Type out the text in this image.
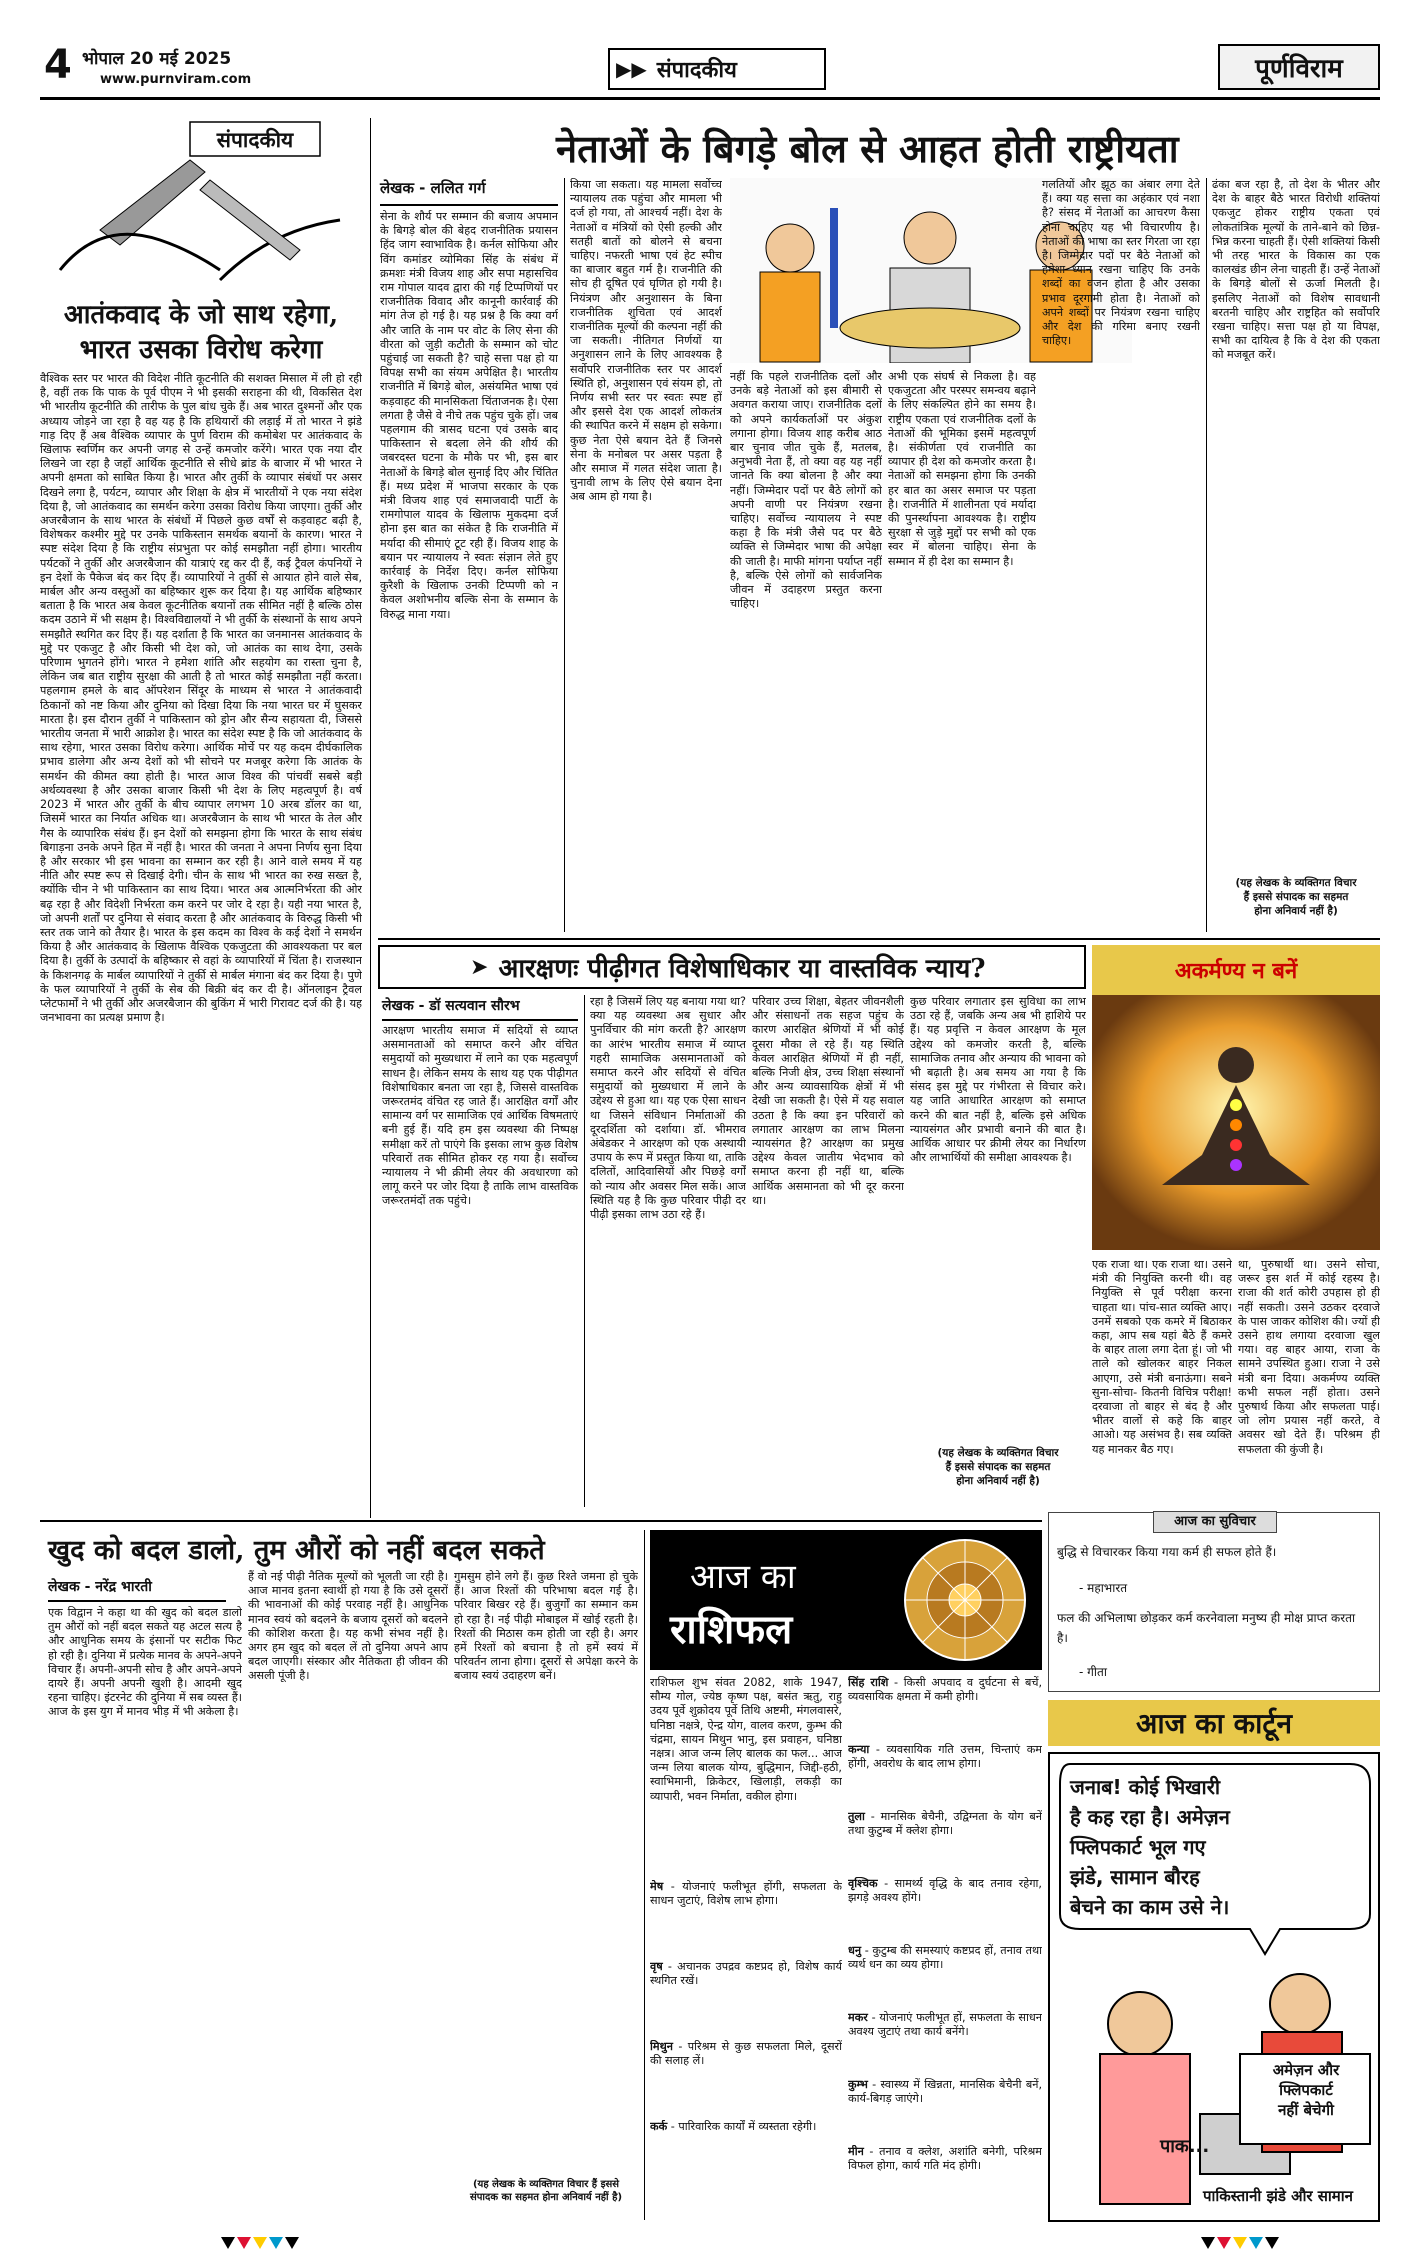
4 भोपाल 20 मई 2025
www.purnviram.com	▶▶ संपादकीय	पूर्णविराम
संपादकीय
आतंकवाद के जो साथ रहेगा,
भारत उसका विरोध करेगा
वैश्विक स्तर पर भारत की विदेश नीति कूटनीति की सशक्त मिसाल में ली हो रही है, वहीं तक कि पाक के पूर्व पीएम ने भी इसकी सराहना की थी, विकसित देश भी भारतीय कूटनीति की तारीफ के पुल बांध चुके हैं। अब भारत दुश्मनों और एक अध्याय जोड़ने जा रहा है वह यह है कि हथियारों की लड़ाई में तो भारत ने झंडे गाड़ दिए हैं अब वैश्विक व्यापार के पुर्ण विराम की कमोबेश पर आतंकवाद के खिलाफ स्वर्णिम कर अपनी जगह से उन्हें कमजोर करेंगे। भारत एक नया दौर लिखने जा रहा है जहाँ आर्थिक कूटनीति से सीधे ब्रांड के बाजार में भी भारत ने अपनी क्षमता को साबित किया है। भारत और तुर्की के व्यापार संबंधों पर असर दिखने लगा है, पर्यटन, व्यापार और शिक्षा के क्षेत्र में भारतीयों ने एक नया संदेश दिया है, जो आतंकवाद का समर्थन करेगा उसका विरोध किया जाएगा। तुर्की और अजरबैजान के साथ भारत के संबंधों में पिछले कुछ वर्षों से कड़वाहट बढ़ी है, विशेषकर कश्मीर मुद्दे पर उनके पाकिस्तान समर्थक बयानों के कारण। भारत ने स्पष्ट संदेश दिया है कि राष्ट्रीय संप्रभुता पर कोई समझौता नहीं होगा। भारतीय पर्यटकों ने तुर्की और अजरबैजान की यात्राएं रद्द कर दी हैं, कई ट्रैवल कंपनियों ने इन देशों के पैकेज बंद कर दिए हैं। व्यापारियों ने तुर्की से आयात होने वाले सेब, मार्बल और अन्य वस्तुओं का बहिष्कार शुरू कर दिया है। यह आर्थिक बहिष्कार बताता है कि भारत अब केवल कूटनीतिक बयानों तक सीमित नहीं है बल्कि ठोस कदम उठाने में भी सक्षम है। विश्वविद्यालयों ने भी तुर्की के संस्थानों के साथ अपने समझौते स्थगित कर दिए हैं। यह दर्शाता है कि भारत का जनमानस आतंकवाद के मुद्दे पर एकजुट है और किसी भी देश को, जो आतंक का साथ देगा, उसके परिणाम भुगतने होंगे। भारत ने हमेशा शांति और सहयोग का रास्ता चुना है, लेकिन जब बात राष्ट्रीय सुरक्षा की आती है तो भारत कोई समझौता नहीं करता। पहलगाम हमले के बाद ऑपरेशन सिंदूर के माध्यम से भारत ने आतंकवादी ठिकानों को नष्ट किया और दुनिया को दिखा दिया कि नया भारत घर में घुसकर मारता है। इस दौरान तुर्की ने पाकिस्तान को ड्रोन और सैन्य सहायता दी, जिससे भारतीय जनता में भारी आक्रोश है। भारत का संदेश स्पष्ट है कि जो आतंकवाद के साथ रहेगा, भारत उसका विरोध करेगा। आर्थिक मोर्चे पर यह कदम दीर्घकालिक प्रभाव डालेगा और अन्य देशों को भी सोचने पर मजबूर करेगा कि आतंक के समर्थन की कीमत क्या होती है। भारत आज विश्व की पांचवीं सबसे बड़ी अर्थव्यवस्था है और उसका बाजार किसी भी देश के लिए महत्वपूर्ण है। वर्ष 2023 में भारत और तुर्की के बीच व्यापार लगभग 10 अरब डॉलर का था, जिसमें भारत का निर्यात अधिक था। अजरबैजान के साथ भी भारत के तेल और गैस के व्यापारिक संबंध हैं। इन देशों को समझना होगा कि भारत के साथ संबंध बिगाड़ना उनके अपने हित में नहीं है। भारत की जनता ने अपना निर्णय सुना दिया है और सरकार भी इस भावना का सम्मान कर रही है। आने वाले समय में यह नीति और स्पष्ट रूप से दिखाई देगी। चीन के साथ भी भारत का रुख सख्त है, क्योंकि चीन ने भी पाकिस्तान का साथ दिया। भारत अब आत्मनिर्भरता की ओर बढ़ रहा है और विदेशी निर्भरता कम करने पर जोर दे रहा है। यही नया भारत है, जो अपनी शर्तों पर दुनिया से संवाद करता है और आतंकवाद के विरुद्ध किसी भी स्तर तक जाने को तैयार है। भारत के इस कदम का विश्व के कई देशों ने समर्थन किया है और आतंकवाद के खिलाफ वैश्विक एकजुटता की आवश्यकता पर बल दिया है। तुर्की के उत्पादों के बहिष्कार से वहां के व्यापारियों में चिंता है। राजस्थान के किशनगढ़ के मार्बल व्यापारियों ने तुर्की से मार्बल मंगाना बंद कर दिया है। पुणे के फल व्यापारियों ने तुर्की के सेब की बिक्री बंद कर दी है। ऑनलाइन ट्रैवल प्लेटफार्मों ने भी तुर्की और अजरबैजान की बुकिंग में भारी गिरावट दर्ज की है। यह जनभावना का प्रत्यक्ष प्रमाण है।
नेताओं के बिगड़े बोल से आहत होती राष्ट्रीयता
लेखक - ललित गर्ग
सेना के शौर्य पर सम्मान की बजाय अपमान के बिगड़े बोल की बेहद राजनीतिक प्रयासन हिंद जाग स्वाभाविक है। कर्नल सोफिया और विंग कमांडर व्योमिका सिंह के संबंध में क्रमशः मंत्री विजय शाह और सपा महासचिव राम गोपाल यादव द्वारा की गई टिप्पणियों पर राजनीतिक विवाद और कानूनी कार्रवाई की मांग तेज हो गई है। यह प्रश्न है कि क्या वर्ग और जाति के नाम पर वोट के लिए सेना की वीरता को जुड़ी कटौती के सम्मान को चोट पहुंचाई जा सकती है? चाहे सत्ता पक्ष हो या विपक्ष सभी का संयम अपेक्षित है। भारतीय राजनीति में बिगड़े बोल, असंयमित भाषा एवं कड़वाहट की मानसिकता चिंताजनक है। ऐसा लगता है जैसे वे नीचे तक पहुंच चुके हों। जब पहलगाम की त्रासद घटना एवं उसके बाद पाकिस्तान से बदला लेने की शौर्य की जबरदस्त घटना के मौके पर भी, इस बार नेताओं के बिगड़े बोल सुनाई दिए और चिंतित हैं। मध्य प्रदेश में भाजपा सरकार के एक मंत्री विजय शाह एवं समाजवादी पार्टी के रामगोपाल यादव के खिलाफ मुकदमा दर्ज होना इस बात का संकेत है कि राजनीति में मर्यादा की सीमाएं टूट रही हैं। विजय शाह के बयान पर न्यायालय ने स्वतः संज्ञान लेते हुए कार्रवाई के निर्देश दिए। कर्नल सोफिया कुरैशी के खिलाफ उनकी टिप्पणी को न केवल अशोभनीय बल्कि सेना के सम्मान के विरुद्ध माना गया।
किया जा सकता। यह मामला सर्वोच्च न्यायालय तक पहुंचा और मामला भी दर्ज हो गया, तो आश्चर्य नहीं। देश के नेताओं व मंत्रियों को ऐसी हल्की और सतही बातों को बोलने से बचना चाहिए। नफरती भाषा एवं हेट स्पीच का बाजार बहुत गर्म है। राजनीति की सोच ही दूषित एवं घृणित हो गयी है। नियंत्रण और अनुशासन के बिना राजनीतिक शुचिता एवं आदर्श राजनीतिक मूल्यों की कल्पना नहीं की जा सकती। नीतिगत निर्णयों या अनुशासन लाने के लिए आवश्यक है सर्वोपरि राजनीतिक स्तर पर आदर्श स्थिति हो, अनुशासन एवं संयम हो, तो निर्णय सभी स्तर पर स्वतः स्पष्ट हों और इससे देश एक आदर्श लोकतंत्र की स्थापित करने में सक्षम हो सकेगा। कुछ नेता ऐसे बयान देते हैं जिनसे सेना के मनोबल पर असर पड़ता है और समाज में गलत संदेश जाता है। चुनावी लाभ के लिए ऐसे बयान देना अब आम हो गया है।
नहीं कि पहले राजनीतिक दलों और उनके बड़े नेताओं को इस बीमारी से अवगत कराया जाए। राजनीतिक दलों को अपने कार्यकर्ताओं पर अंकुश लगाना होगा। विजय शाह करीब आठ बार चुनाव जीत चुके हैं, मतलब, अनुभवी नेता हैं, तो क्या वह यह नहीं जानते कि क्या बोलना है और क्या नहीं। जिम्मेदार पदों पर बैठे लोगों को अपनी वाणी पर नियंत्रण रखना चाहिए। सर्वोच्च न्यायालय ने स्पष्ट कहा है कि मंत्री जैसे पद पर बैठे व्यक्ति से जिम्मेदार भाषा की अपेक्षा की जाती है। माफी मांगना पर्याप्त नहीं है, बल्कि ऐसे लोगों को सार्वजनिक जीवन में उदाहरण प्रस्तुत करना चाहिए।
अभी एक संघर्ष से निकला है। वह एकजुटता और परस्पर समन्वय बढ़ाने के लिए संकल्पित होने का समय है। राष्ट्रीय एकता एवं राजनीतिक दलों के नेताओं की भूमिका इसमें महत्वपूर्ण है। संकीर्णता एवं राजनीति का व्यापार ही देश को कमजोर करता है। नेताओं को समझना होगा कि उनकी हर बात का असर समाज पर पड़ता है। राजनीति में शालीनता एवं मर्यादा की पुनर्स्थापना आवश्यक है। राष्ट्रीय सुरक्षा से जुड़े मुद्दों पर सभी को एक स्वर में बोलना चाहिए। सेना के सम्मान में ही देश का सम्मान है।
गलतियों और झूठ का अंबार लगा देते हैं। क्या यह सत्ता का अहंकार एवं नशा है? संसद में नेताओं का आचरण कैसा होना चाहिए यह भी विचारणीय है। नेताओं की भाषा का स्तर गिरता जा रहा है। जिम्मेदार पदों पर बैठे नेताओं को हमेशा ध्यान रखना चाहिए कि उनके शब्दों का वजन होता है और उसका प्रभाव दूरगामी होता है। नेताओं को अपने शब्दों पर नियंत्रण रखना चाहिए और देश की गरिमा बनाए रखनी चाहिए।
ढंका बज रहा है, तो देश के भीतर और देश के बाहर बैठे भारत विरोधी शक्तियां एकजुट होकर राष्ट्रीय एकता एवं लोकतांत्रिक मूल्यों के ताने-बाने को छिन्न-भिन्न करना चाहती हैं। ऐसी शक्तियां किसी भी तरह भारत के विकास का एक कालखंड छीन लेना चाहती हैं। उन्हें नेताओं के बिगड़े बोलों से ऊर्जा मिलती है। इसलिए नेताओं को विशेष सावधानी बरतनी चाहिए और राष्ट्रहित को सर्वोपरि रखना चाहिए। सत्ता पक्ष हो या विपक्ष, सभी का दायित्व है कि वे देश की एकता को मजबूत करें।
(यह लेखक के व्यक्तिगत विचार
हैं इससे संपादक का सहमत
होना अनिवार्य नहीं है)
➤ आरक्षणः पीढ़ीगत विशेषाधिकार या वास्तविक न्याय?
लेखक - डॉ सत्यवान सौरभ
आरक्षण भारतीय समाज में सदियों से व्याप्त असमानताओं को समाप्त करने और वंचित समुदायों को मुख्यधारा में लाने का एक महत्वपूर्ण साधन है। लेकिन समय के साथ यह एक पीढ़ीगत विशेषाधिकार बनता जा रहा है, जिससे वास्तविक जरूरतमंद वंचित रह जाते हैं। आरक्षित वर्गों और सामान्य वर्ग पर सामाजिक एवं आर्थिक विषमताएं बनी हुई हैं। यदि हम इस व्यवस्था की निष्पक्ष समीक्षा करें तो पाएंगे कि इसका लाभ कुछ विशेष परिवारों तक सीमित होकर रह गया है। सर्वोच्च न्यायालय ने भी क्रीमी लेयर की अवधारणा को लागू करने पर जोर दिया है ताकि लाभ वास्तविक जरूरतमंदों तक पहुंचे।
रहा है जिसमें लिए यह बनाया गया था? क्या यह व्यवस्था अब सुधार और पुनर्विचार की मांग करती है? आरक्षण का आरंभ भारतीय समाज में व्याप्त गहरी सामाजिक असमानताओं को समाप्त करने और सदियों से वंचित समुदायों को मुख्यधारा में लाने के उद्देश्य से हुआ था। यह एक ऐसा साधन था जिसने संविधान निर्माताओं की दूरदर्शिता को दर्शाया। डॉ. भीमराव अंबेडकर ने आरक्षण को एक अस्थायी उपाय के रूप में प्रस्तुत किया था, ताकि दलितों, आदिवासियों और पिछड़े वर्गों को न्याय और अवसर मिल सकें। आज स्थिति यह है कि कुछ परिवार पीढ़ी दर पीढ़ी इसका लाभ उठा रहे हैं।
परिवार उच्च शिक्षा, बेहतर जीवनशैली और संसाधनों तक सहज पहुंच के कारण आरक्षित श्रेणियों में भी कोई दूसरा मौका ले रहे हैं। यह स्थिति केवल आरक्षित श्रेणियों में ही नहीं, बल्कि निजी क्षेत्र, उच्च शिक्षा संस्थानों और अन्य व्यावसायिक क्षेत्रों में भी देखी जा सकती है। ऐसे में यह सवाल उठता है कि क्या इन परिवारों को लगातार आरक्षण का लाभ मिलना न्यायसंगत है? आरक्षण का प्रमुख उद्देश्य केवल जातीय भेदभाव को समाप्त करना ही नहीं था, बल्कि आर्थिक असमानता को भी दूर करना था।
कुछ परिवार लगातार इस सुविधा का लाभ उठा रहे हैं, जबकि अन्य अब भी हाशिये पर हैं। यह प्रवृत्ति न केवल आरक्षण के मूल उद्देश्य को कमजोर करती है, बल्कि सामाजिक तनाव और अन्याय की भावना को भी बढ़ाती है। अब समय आ गया है कि संसद इस मुद्दे पर गंभीरता से विचार करे। यह जाति आधारित आरक्षण को समाप्त करने की बात नहीं है, बल्कि इसे अधिक न्यायसंगत और प्रभावी बनाने की बात है। आर्थिक आधार पर क्रीमी लेयर का निर्धारण और लाभार्थियों की समीक्षा आवश्यक है।
(यह लेखक के व्यक्तिगत विचार
हैं इससे संपादक का सहमत
होना अनिवार्य नहीं है)
अकर्मण्य न बनें
एक राजा था। एक राजा था। उसने मंत्री की नियुक्ति करनी थी। वह नियुक्ति से पूर्व परीक्षा करना चाहता था। पांच-सात व्यक्ति आए। उनमें सबको एक कमरे में बिठाकर कहा, आप सब यहां बैठे हैं कमरे के बाहर ताला लगा देता हूं। जो भी ताले को खोलकर बाहर निकल आएगा, उसे मंत्री बनाऊंगा। सबने सुना-सोचा- कितनी विचित्र परीक्षा! दरवाजा तो बाहर से बंद है और भीतर वालों से कहे कि बाहर आओ। यह असंभव है। सब व्यक्ति यह मानकर बैठ गए।
था, पुरुषार्थी था। उसने सोचा, जरूर इस शर्त में कोई रहस्य है। राजा की शर्त कोरी उपहास हो ही नहीं सकती। उसने उठकर दरवाजे के पास जाकर कोशिश की। ज्यों ही उसने हाथ लगाया दरवाजा खुल गया। वह बाहर आया, राजा के सामने उपस्थित हुआ। राजा ने उसे मंत्री बना दिया। अकर्मण्य व्यक्ति कभी सफल नहीं होता। उसने पुरुषार्थ किया और सफलता पाई। जो लोग प्रयास नहीं करते, वे अवसर खो देते हैं। परिश्रम ही सफलता की कुंजी है।
आज का सुविचार
बुद्धि से विचारकर किया गया कर्म ही सफल होते हैं।
- महाभारत
फल की अभिलाषा छोड़कर कर्म करनेवाला मनुष्य ही मोक्ष प्राप्त करता
है।
- गीता
खुद को बदल डालो, तुम औरों को नहीं बदल सकते
लेखक - नरेंद्र भारती
एक विद्वान ने कहा था की खुद को बदल डालो तुम औरों को नहीं बदल सकते यह अटल सत्य है और आधुनिक समय के इंसानों पर सटीक फिट हो रही है। दुनिया में प्रत्येक मानव के अपने-अपने विचार हैं। अपनी-अपनी सोच है और अपने-अपने दायरे हैं। अपनी अपनी खुशी है। आदमी खुद रहना चाहिए। इंटरनेट की दुनिया में सब व्यस्त हैं। आज के इस युग में मानव भीड़ में भी अकेला है।
हैं वो नई पीढ़ी नैतिक मूल्यों को भूलती जा रही है। आज मानव इतना स्वार्थी हो गया है कि उसे दूसरों की भावनाओं की कोई परवाह नहीं है। आधुनिक मानव स्वयं को बदलने के बजाय दूसरों को बदलने की कोशिश करता है। यह कभी संभव नहीं है। अगर हम खुद को बदल लें तो दुनिया अपने आप बदल जाएगी। संस्कार और नैतिकता ही जीवन की असली पूंजी है।
गुमसुम होने लगे हैं। कुछ रिश्ते जमना हो चुके हैं। आज रिश्तों की परिभाषा बदल गई है। परिवार बिखर रहे हैं। बुजुर्गों का सम्मान कम हो रहा है। नई पीढ़ी मोबाइल में खोई रहती है। रिश्तों की मिठास कम होती जा रही है। अगर हमें रिश्तों को बचाना है तो हमें स्वयं में परिवर्तन लाना होगा। दूसरों से अपेक्षा करने के बजाय स्वयं उदाहरण बनें।
(यह लेखक के व्यक्तिगत विचार हैं इससे
संपादक का सहमत होना अनिवार्य नहीं है)
आज का
राशिफल
राशिफल शुभ संवत 2082, शाके 1947, सौम्य गोल, ज्येष्ठ कृष्ण पक्ष, बसंत ऋतु, राहु उदय पूर्वे शुक्रोदय पूर्वे तिथि अष्टमी, मंगलवासरे, घनिष्ठा नक्षत्रे, ऐन्द्र योग, वालव करण, कुम्भ की चंद्रमा, सायन मिथुन भानु, इस प्रवाहन, घनिष्ठा नक्षत्र। आज जन्म लिए बालक का फल... आज जन्म लिया बालक योग्य, बुद्धिमान, जिद्दी-हठी, स्वाभिमानी, क्रिकेटर, खिलाड़ी, लकड़ी का व्यापारी, भवन निर्माता, वकील होगा।
मेष - योजनाएं फलीभूत होंगी, सफलता के साधन जुटाएं, विशेष लाभ होगा।
वृष - अचानक उपद्रव कष्टप्रद हो, विशेष कार्य स्थगित रखें।
मिथुन - परिश्रम से कुछ सफलता मिले, दूसरों की सलाह लें।
कर्क - पारिवारिक कार्यों में व्यस्तता रहेगी।
सिंह राशि - किसी अपवाद व दुर्घटना से बचें, व्यवसायिक क्षमता में कमी होगी।
कन्या - व्यवसायिक गति उत्तम, चिन्ताएं कम होंगी, अवरोध के बाद लाभ होगा।
तुला - मानसिक बेचैनी, उद्विग्नता के योग बनें तथा कुटुम्ब में क्लेश होगा।
वृश्चिक - सामर्थ्य वृद्धि के बाद तनाव रहेगा, झगड़े अवश्य होंगे।
धनु - कुटुम्ब की समस्याएं कष्टप्रद हों, तनाव तथा व्यर्थ धन का व्यय होगा।
मकर - योजनाएं फलीभूत हों, सफलता के साधन अवश्य जुटाएं तथा कार्य बनेंगे।
कुम्भ - स्वास्थ्य में खिन्नता, मानसिक बेचैनी बनें, कार्य-बिगड़ जाएंगे।
मीन - तनाव व क्लेश, अशांति बनेगी, परिश्रम विफल होगा, कार्य गति मंद होगी।
आज का कार्टून
जनाब! कोई भिखारी
है कह रहा है। अमेज़न
फ्लिपकार्ट भूल गए
झंडे, सामान बौरह
बेचने का काम उसे ने।
अमेज़न और
फ्लिपकार्ट
नहीं बेचेगी
पाक...
पाकिस्तानी झंडे और सामान
